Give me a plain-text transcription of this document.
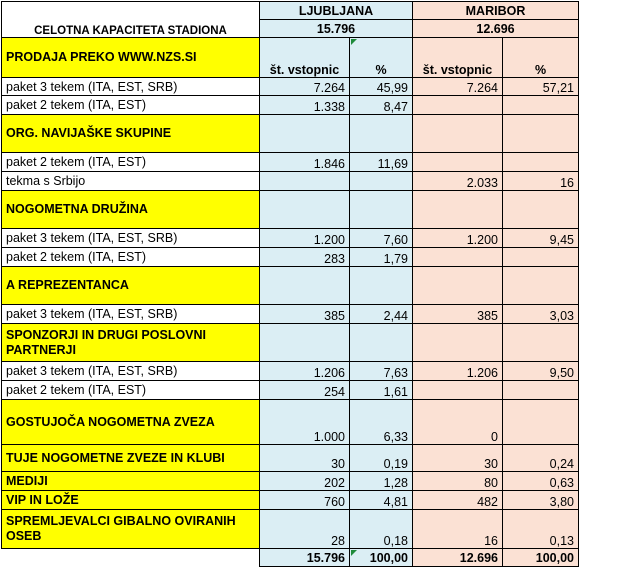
CELOTNA KAPACITETA STADIONA	LJUBLJANA		MARIBOR	
	15.796		12.696	
PRODAJA PREKO WWW.NZS.SI	št. vstopnic	%	št. vstopnic	%
paket 3 tekem (ITA, EST, SRB)	7.264	45,99	7.264	57,21
paket 2 tekem (ITA, EST)	1.338	8,47		
ORG. NAVIJAŠKE SKUPINE				
paket 2 tekem (ITA, EST)	1.846	11,69		
tekma s Srbijo			2.033	16
NOGOMETNA DRUŽINA				
paket 3 tekem (ITA, EST, SRB)	1.200	7,60	1.200	9,45
paket 2 tekem (ITA, EST)	283	1,79		
A REPREZENTANCA				
paket 3 tekem (ITA, EST, SRB)	385	2,44	385	3,03
SPONZORJI IN DRUGI POSLOVNI PARTNERJI				
paket 3 tekem (ITA, EST, SRB)	1.206	7,63	1.206	9,50
paket 2 tekem (ITA, EST)	254	1,61		
GOSTUJOČA NOGOMETNA ZVEZA	1.000	6,33	0	
TUJE NOGOMETNE ZVEZE IN KLUBI	30	0,19	30	0,24
MEDIJI	202	1,28	80	0,63
VIP IN LOŽE	760	4,81	482	3,80
SPREMLJEVALCI GIBALNO OVIRANIH OSEB	28	0,18	16	0,13
	15.796	100,00	12.696	100,00
